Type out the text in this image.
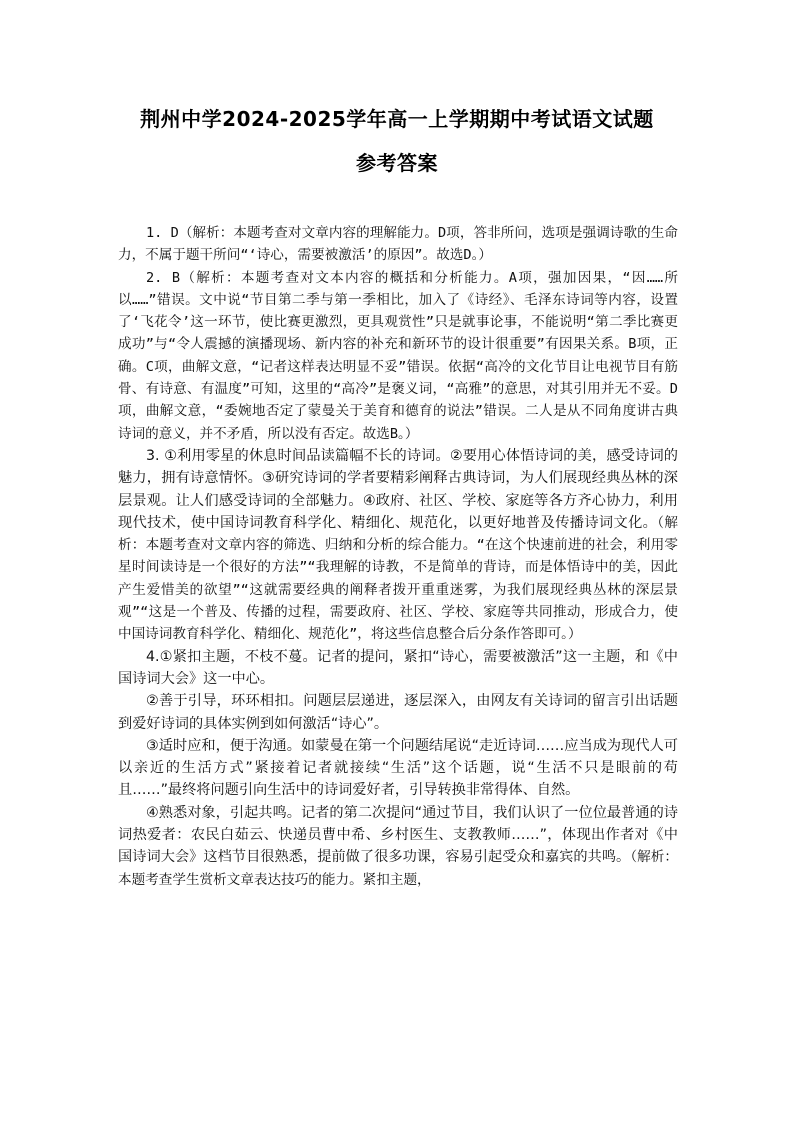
荆州中学2024-2025学年高一上学期期中考试语文试题
参考答案

1. D（解析：本题考查对文章内容的理解能力。D项，答非所问，选项是强调诗歌的生命力，不属于题干所问“‘诗心，需要被激活’的原因”。故选D。）

2. B（解析：本题考查对文本内容的概括和分析能力。A项，强加因果，“因……所以……”错误。文中说“节目第二季与第一季相比，加入了《诗经》、毛泽东诗词等内容，设置了‘飞花令’这一环节，使比赛更激烈，更具观赏性”只是就事论事，不能说明“第二季比赛更成功”与“令人震撼的演播现场、新内容的补充和新环节的设计很重要”有因果关系。B项，正确。C项，曲解文意，“记者这样表达明显不妥”错误。依据“高冷的文化节目让电视节目有筋骨、有诗意、有温度”可知，这里的“高冷”是褒义词，“高雅”的意思，对其引用并无不妥。D项，曲解文意，“委婉地否定了蒙曼关于美育和德育的说法”错误。二人是从不同角度讲古典诗词的意义，并不矛盾，所以没有否定。故选B。）

3. ①利用零星的休息时间品读篇幅不长的诗词。②要用心体悟诗词的美，感受诗词的魅力，拥有诗意情怀。③研究诗词的学者要精彩阐释古典诗词，为人们展现经典丛林的深层景观。让人们感受诗词的全部魅力。④政府、社区、学校、家庭等各方齐心协力，利用现代技术，使中国诗词教育科学化、精细化、规范化，以更好地普及传播诗词文化。（解析：本题考查对文章内容的筛选、归纳和分析的综合能力。“在这个快速前进的社会，利用零星时间读诗是一个很好的方法”“我理解的诗教，不是简单的背诗，而是体悟诗中的美，因此产生爱惜美的欲望”“这就需要经典的阐释者拨开重重迷雾，为我们展现经典丛林的深层景观”“这是一个普及、传播的过程，需要政府、社区、学校、家庭等共同推动，形成合力，使中国诗词教育科学化、精细化、规范化”，将这些信息整合后分条作答即可。）

4.①紧扣主题，不枝不蔓。记者的提问，紧扣“诗心，需要被激活”这一主题，和《中国诗词大会》这一中心。

②善于引导，环环相扣。问题层层递进，逐层深入，由网友有关诗词的留言引出话题到爱好诗词的具体实例到如何激活“诗心”。

③适时应和，便于沟通。如蒙曼在第一个问题结尾说“走近诗词……应当成为现代人可以亲近的生活方式”紧接着记者就接续“生活”这个话题，说“生活不只是眼前的苟且……”最终将问题引向生活中的诗词爱好者，引导转换非常得体、自然。

④熟悉对象，引起共鸣。记者的第二次提问“通过节目，我们认识了一位位最普通的诗词热爱者：农民白茹云、快递员曹中希、乡村医生、支教教师……”，体现出作者对《中国诗词大会》这档节目很熟悉，提前做了很多功课，容易引起受众和嘉宾的共鸣。（解析：本题考查学生赏析文章表达技巧的能力。紧扣主题，
